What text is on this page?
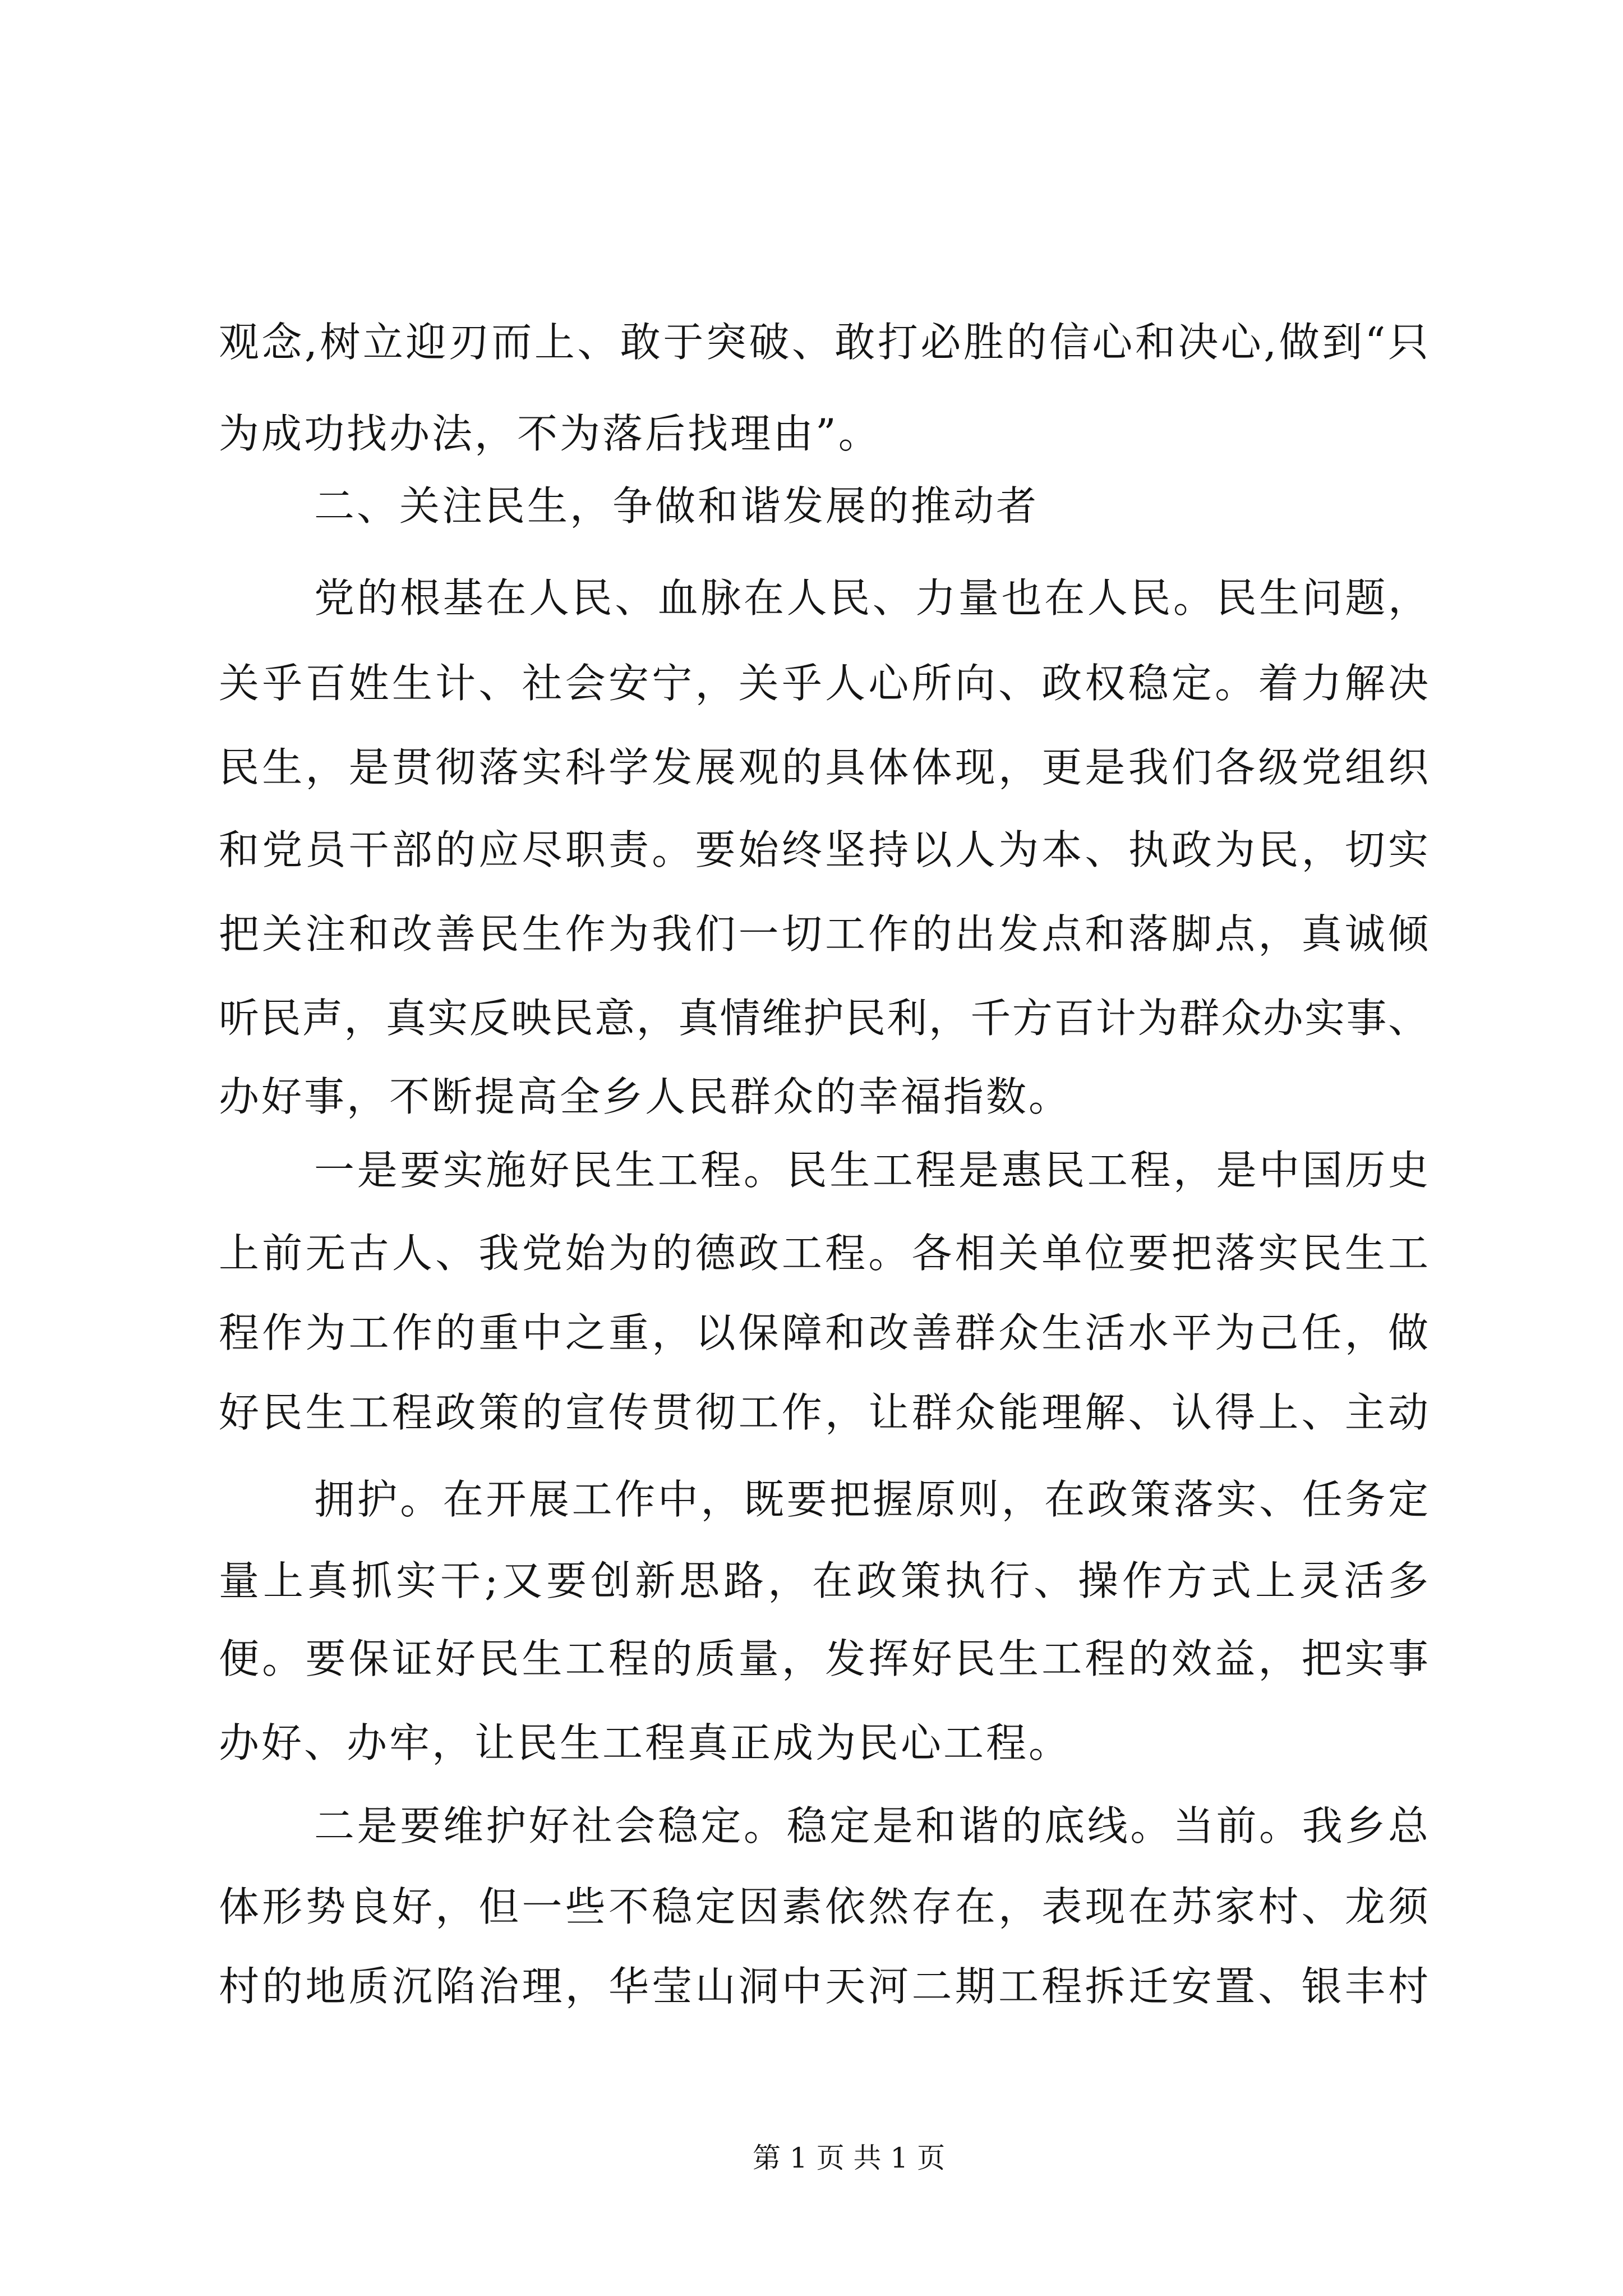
观念,树立迎刃而上、敢于突破、敢打必胜的信心和决心,做到“只
为成功找办法，不为落后找理由”。
二、关注民生，争做和谐发展的推动者
党的根基在人民、血脉在人民、力量也在人民。民生问题，
关乎百姓生计、社会安宁，关乎人心所向、政权稳定。着力解决
民生，是贯彻落实科学发展观的具体体现，更是我们各级党组织
和党员干部的应尽职责。要始终坚持以人为本、执政为民，切实
把关注和改善民生作为我们一切工作的出发点和落脚点，真诚倾
听民声，真实反映民意，真情维护民利，千方百计为群众办实事、
办好事，不断提高全乡人民群众的幸福指数。
一是要实施好民生工程。民生工程是惠民工程，是中国历史
上前无古人、我党始为的德政工程。各相关单位要把落实民生工
程作为工作的重中之重，以保障和改善群众生活水平为己任，做
好民生工程政策的宣传贯彻工作，让群众能理解、认得上、主动
拥护。在开展工作中，既要把握原则，在政策落实、任务定
量上真抓实干;又要创新思路，在政策执行、操作方式上灵活多
便。要保证好民生工程的质量，发挥好民生工程的效益，把实事
办好、办牢，让民生工程真正成为民心工程。
二是要维护好社会稳定。稳定是和谐的底线。当前。我乡总
体形势良好，但一些不稳定因素依然存在，表现在苏家村、龙须
村的地质沉陷治理，华莹山洞中天河二期工程拆迁安置、银丰村
第 1 页 共 1 页
